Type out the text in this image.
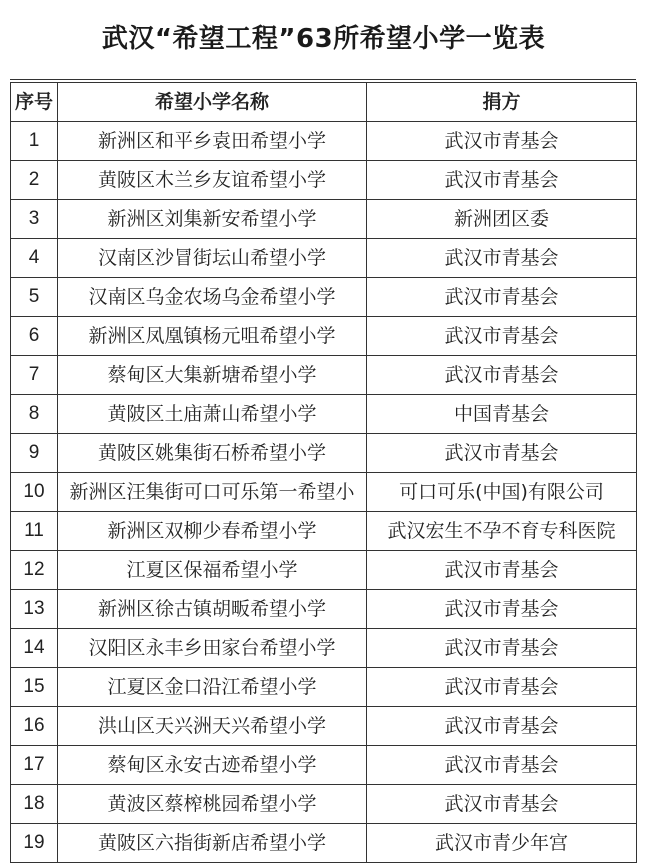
武汉“希望工程”63所希望小学一览表
序号	希望小学名称	捐方
1	新洲区和平乡袁田希望小学	武汉市青基会
2	黄陂区木兰乡友谊希望小学	武汉市青基会
3	新洲区刘集新安希望小学	新洲团区委
4	汉南区沙冒街坛山希望小学	武汉市青基会
5	汉南区乌金农场乌金希望小学	武汉市青基会
6	新洲区凤凰镇杨元咀希望小学	武汉市青基会
7	蔡甸区大集新塘希望小学	武汉市青基会
8	黄陂区土庙萧山希望小学	中国青基会
9	黄陂区姚集街石桥希望小学	武汉市青基会
10	新洲区汪集街可口可乐第一希望小	可口可乐(中国)有限公司
11	新洲区双柳少春希望小学	武汉宏生不孕不育专科医院
12	江夏区保福希望小学	武汉市青基会
13	新洲区徐古镇胡畈希望小学	武汉市青基会
14	汉阳区永丰乡田家台希望小学	武汉市青基会
15	江夏区金口沿江希望小学	武汉市青基会
16	洪山区天兴洲天兴希望小学	武汉市青基会
17	蔡甸区永安古迹希望小学	武汉市青基会
18	黄波区蔡榨桃园希望小学	武汉市青基会
19	黄陂区六指街新店希望小学	武汉市青少年宫
